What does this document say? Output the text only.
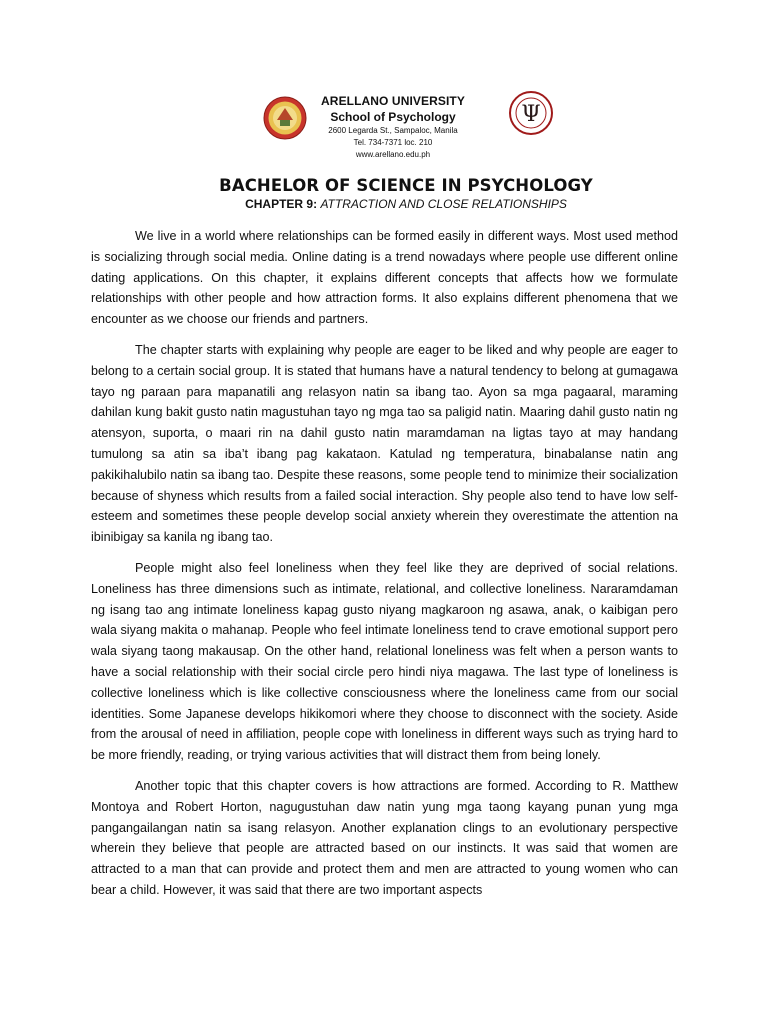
ARELLANO UNIVERSITY
School of Psychology
2600 Legarda St., Sampaloc, Manila
Tel. 734-7371 loc. 210
www.arellano.edu.ph
Ψ
BACHELOR OF SCIENCE IN PSYCHOLOGY
CHAPTER 9: ATTRACTION AND CLOSE RELATIONSHIPS

We live in a world where relationships can be formed easily in different ways. Most used method is socializing through social media. Online dating is a trend nowadays where people use different online dating applications. On this chapter, it explains different concepts that affects how we formulate relationships with other people and how attraction forms. It also explains different phenomena that we encounter as we choose our friends and partners.

The chapter starts with explaining why people are eager to be liked and why people are eager to belong to a certain social group. It is stated that humans have a natural tendency to belong at gumagawa tayo ng paraan para mapanatili ang relasyon natin sa ibang tao. Ayon sa mga pagaaral, maraming dahilan kung bakit gusto natin magustuhan tayo ng mga tao sa paligid natin. Maaring dahil gusto natin ng atensyon, suporta, o maari rin na dahil gusto natin maramdaman na ligtas tayo at may handang tumulong sa atin sa iba’t ibang pag kakataon. Katulad ng temperatura, binabalanse natin ang pakikihalubilo natin sa ibang tao. Despite these reasons, some people tend to minimize their socialization because of shyness which results from a failed social interaction. Shy people also tend to have low self-esteem and sometimes these people develop social anxiety wherein they overestimate the attention na ibinibigay sa kanila ng ibang tao.

People might also feel loneliness when they feel like they are deprived of social relations. Loneliness has three dimensions such as intimate, relational, and collective loneliness. Nararamdaman ng isang tao ang intimate loneliness kapag gusto niyang magkaroon ng asawa, anak, o kaibigan pero wala siyang makita o mahanap. People who feel intimate loneliness tend to crave emotional support pero wala siyang taong makausap. On the other hand, relational loneliness was felt when a person wants to have a social relationship with their social circle pero hindi niya magawa. The last type of loneliness is collective loneliness which is like collective consciousness where the loneliness came from our social identities. Some Japanese develops hikikomori where they choose to disconnect with the society. Aside from the arousal of need in affiliation, people cope with loneliness in different ways such as trying hard to be more friendly, reading, or trying various activities that will distract them from being lonely.

Another topic that this chapter covers is how attractions are formed. According to R. Matthew Montoya and Robert Horton, nagugustuhan daw natin yung mga taong kayang punan yung mga pangangailangan natin sa isang relasyon. Another explanation clings to an evolutionary perspective wherein they believe that people are attracted based on our instincts. It was said that women are attracted to a man that can provide and protect them and men are attracted to young women who can bear a child. However, it was said that there are two important aspects
